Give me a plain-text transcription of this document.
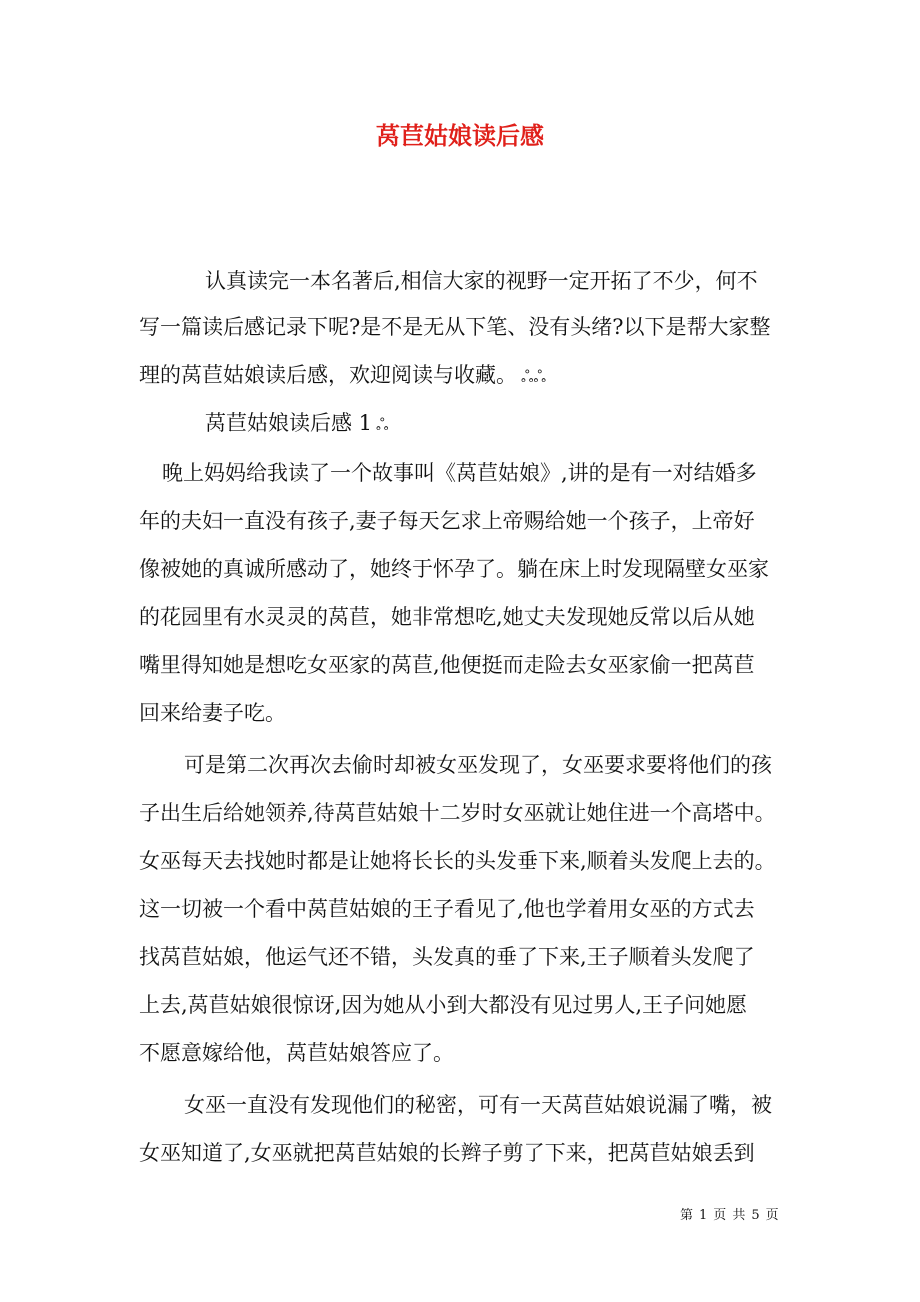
莴苣姑娘读后感
认真读完一本名著后,相信大家的视野一定开拓了不少，何不
写一篇读后感记录下呢?是不是无从下笔、没有头绪?以下是帮大家整
理的莴苣姑娘读后感，欢迎阅读与收藏。 ஃஃ
莴苣姑娘读后感 1 ஃ
晚上妈妈给我读了一个故事叫《莴苣姑娘》,讲的是有一对结婚多
年的夫妇一直没有孩子,妻子每天乞求上帝赐给她一个孩子，上帝好
像被她的真诚所感动了，她终于怀孕了。躺在床上时发现隔壁女巫家
的花园里有水灵灵的莴苣，她非常想吃,她丈夫发现她反常以后从她
嘴里得知她是想吃女巫家的莴苣,他便挺而走险去女巫家偷一把莴苣
回来给妻子吃。
可是第二次再次去偷时却被女巫发现了，女巫要求要将他们的孩
子出生后给她领养,待莴苣姑娘十二岁时女巫就让她住进一个高塔中。
女巫每天去找她时都是让她将长长的头发垂下来,顺着头发爬上去的。
这一切被一个看中莴苣姑娘的王子看见了,他也学着用女巫的方式去
找莴苣姑娘，他运气还不错，头发真的垂了下来,王子顺着头发爬了
上去,莴苣姑娘很惊讶,因为她从小到大都没有见过男人,王子问她愿
不愿意嫁给他，莴苣姑娘答应了。
女巫一直没有发现他们的秘密，可有一天莴苣姑娘说漏了嘴，被
女巫知道了,女巫就把莴苣姑娘的长辫子剪了下来，把莴苣姑娘丢到
第 1 页 共 5 页
